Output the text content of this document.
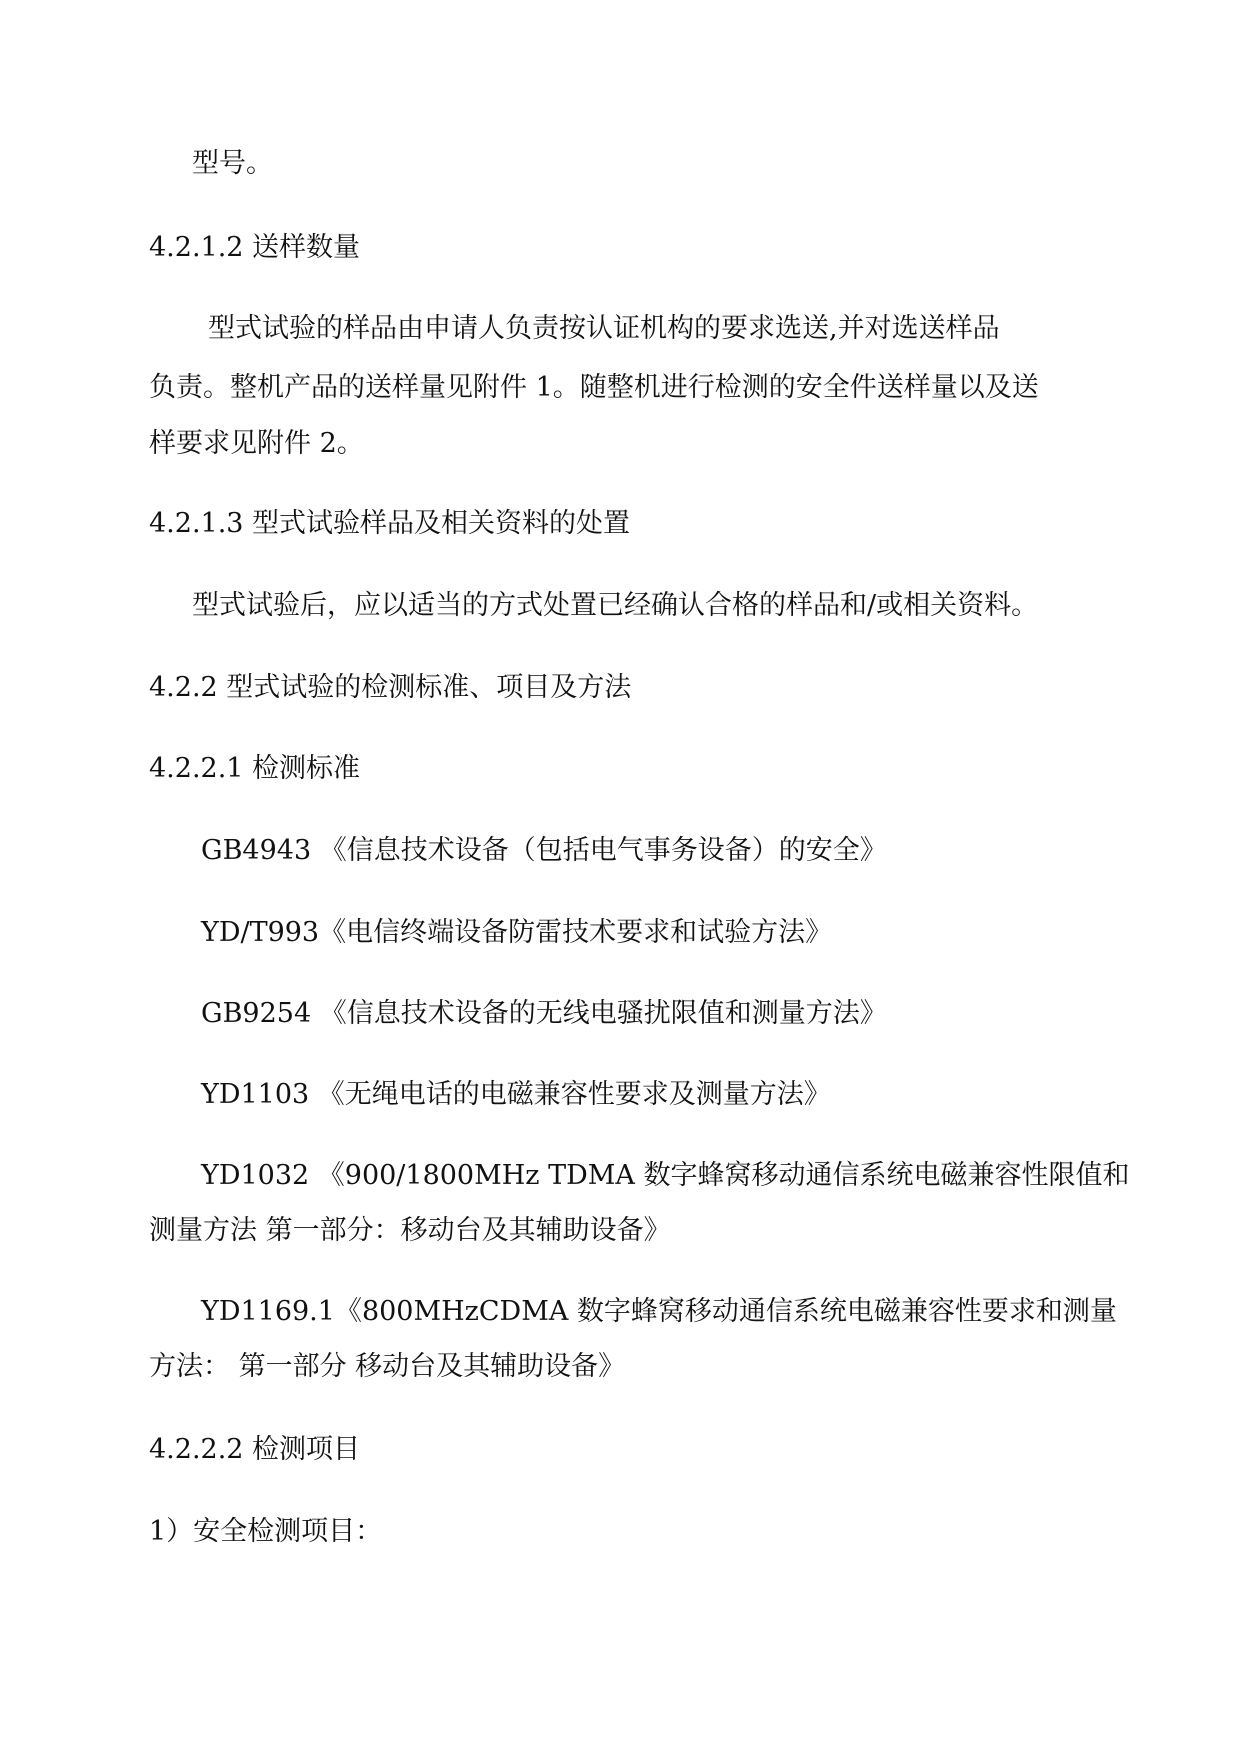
型号。
4.2.1.2 送样数量
型式试验的样品由申请人负责按认证机构的要求选送,并对选送样品
负责。整机产品的送样量见附件 1。随整机进行检测的安全件送样量以及送
样要求见附件 2。
4.2.1.3 型式试验样品及相关资料的处置
型式试验后，应以适当的方式处置已经确认合格的样品和/或相关资料。
4.2.2 型式试验的检测标准、项目及方法
4.2.2.1 检测标准
GB4943 《信息技术设备（包括电气事务设备）的安全》
YD/T993《电信终端设备防雷技术要求和试验方法》
GB9254 《信息技术设备的无线电骚扰限值和测量方法》
YD1103 《无绳电话的电磁兼容性要求及测量方法》
YD1032 《900/1800MHz TDMA 数字蜂窝移动通信系统电磁兼容性限值和
测量方法 第一部分：移动台及其辅助设备》
YD1169.1《800MHzCDMA 数字蜂窝移动通信系统电磁兼容性要求和测量
方法： 第一部分 移动台及其辅助设备》
4.2.2.2 检测项目
1）安全检测项目：
